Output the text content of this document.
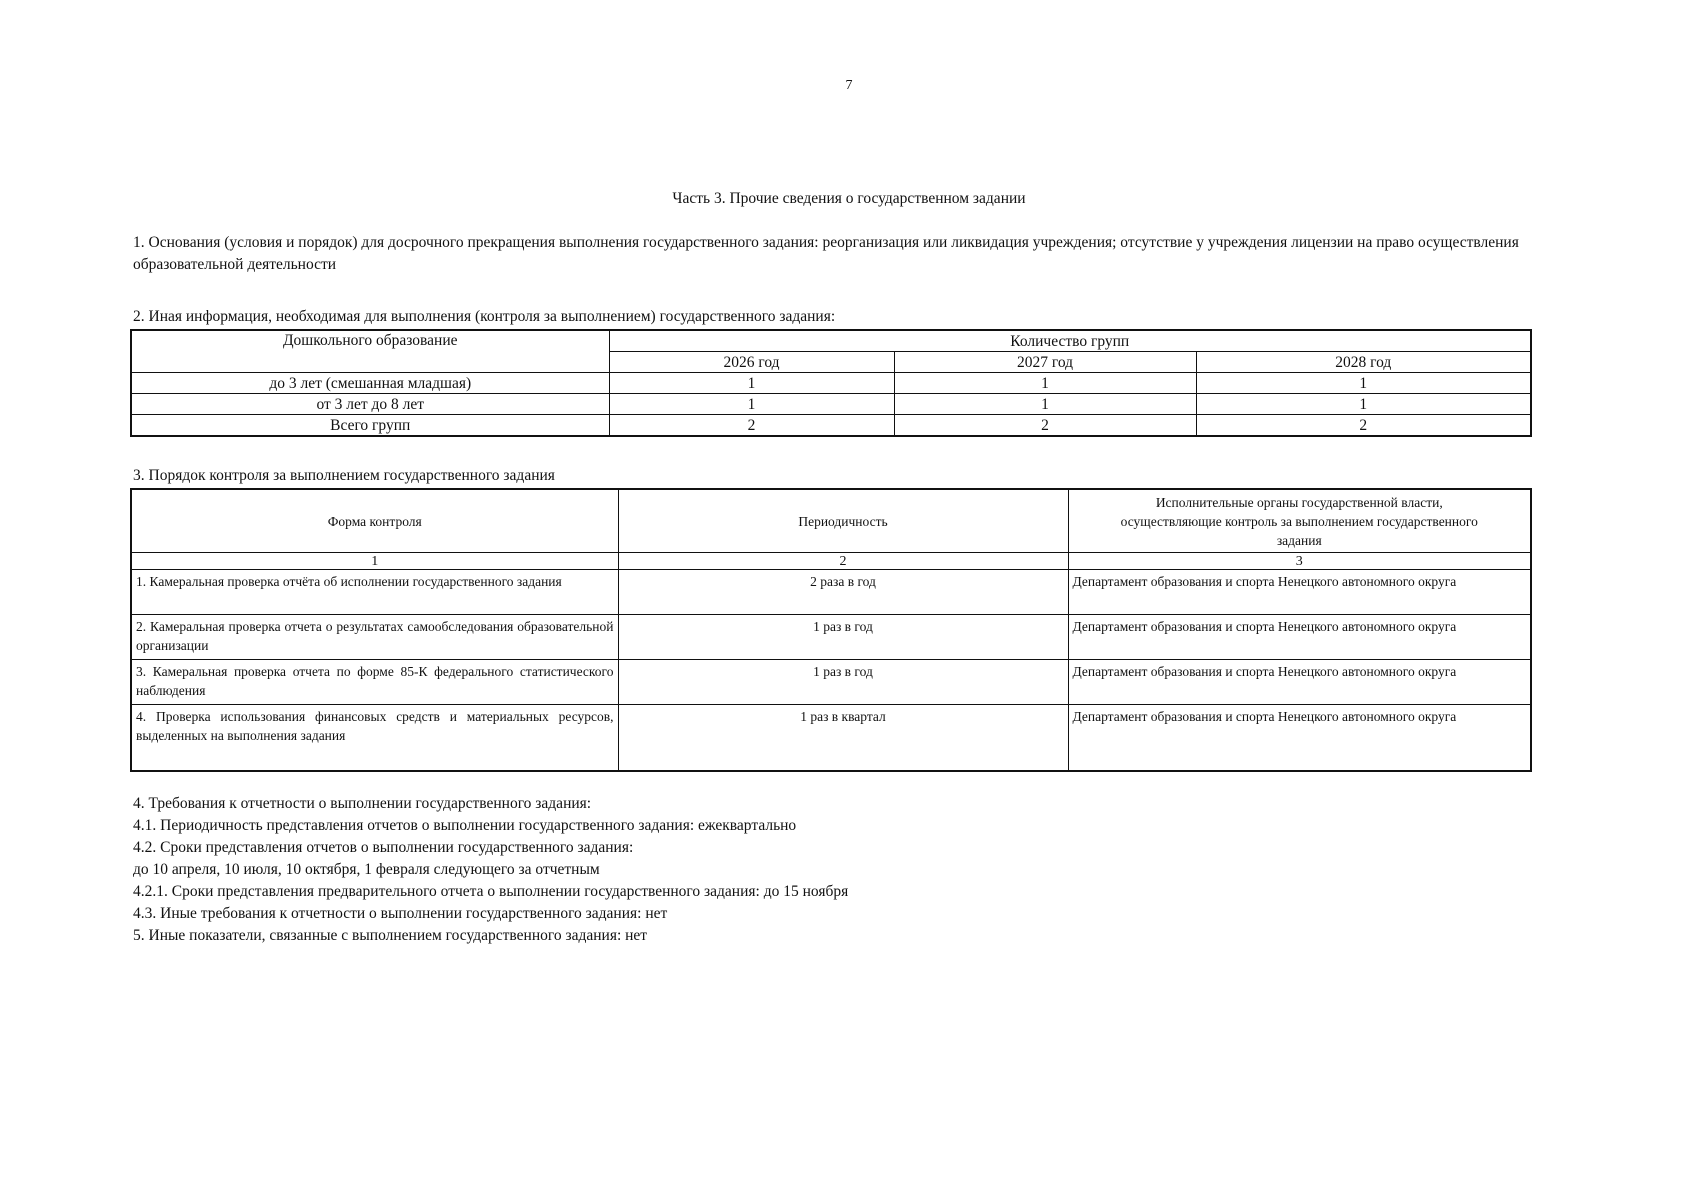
7
Часть 3. Прочие сведения о государственном задании
1. Основания (условия и порядок) для досрочного прекращения выполнения государственного задания: реорганизация или ликвидация учреждения; отсутствие у учреждения лицензии на право осуществления образовательной деятельности
2. Иная информация, необходимая для выполнения (контроля за выполнением) государственного задания:
Дошкольного образование	Количество групп		
	2026 год	2027 год	2028 год
до 3 лет (смешанная младшая)	1	1	1
от 3 лет до 8 лет	1	1	1
Всего групп	2	2	2
3. Порядок контроля за выполнением государственного задания
Форма контроля	Периодичность	Исполнительные органы государственной власти, осуществляющие контроль за выполнением государственного задания
1	2	3
1. Камеральная проверка отчёта об исполнении государственного задания	2 раза в год	Департамент образования и спорта Ненецкого автономного округа
2. Камеральная проверка отчета о результатах самообследования образовательной организации	1 раз в год	Департамент образования и спорта Ненецкого автономного округа
3. Камеральная проверка отчета по форме 85-К федерального статистического наблюдения	1 раз в год	Департамент образования и спорта Ненецкого автономного округа
4. Проверка использования финансовых средств и материальных ресурсов, выделенных на выполнения задания	1 раз в квартал	Департамент образования и спорта Ненецкого автономного округа
4. Требования к отчетности о выполнении государственного задания:
4.1. Периодичность представления отчетов о выполнении государственного задания: ежеквартально
4.2. Сроки представления отчетов о выполнении государственного задания:
до 10 апреля, 10 июля, 10 октября, 1 февраля следующего за отчетным
4.2.1. Сроки представления предварительного отчета о выполнении государственного задания: до 15 ноября
4.3. Иные требования к отчетности о выполнении государственного задания: нет
5. Иные показатели, связанные с выполнением государственного задания: нет
